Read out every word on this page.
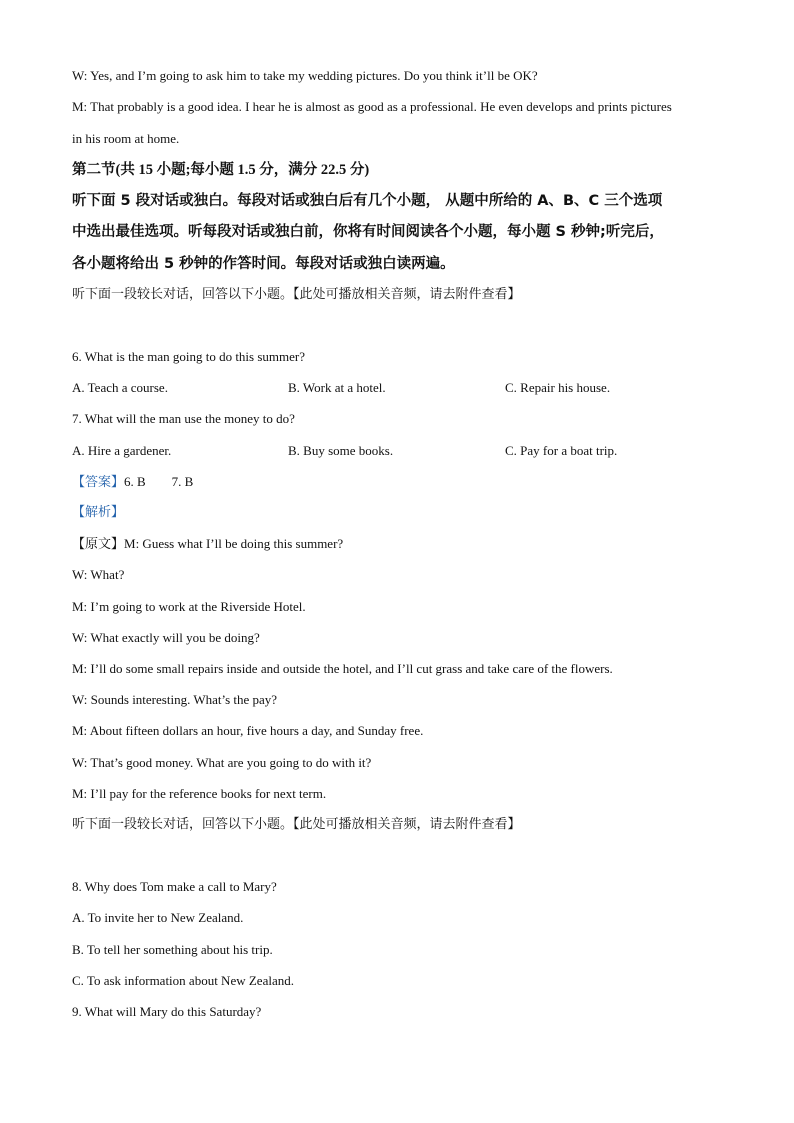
W: Yes, and I’m going to ask him to take my wedding pictures. Do you think it’ll be OK?
M: That probably is a good idea. I hear he is almost as good as a professional. He even develops and prints pictures
in his room at home.
第二节(共 15 小题;每小题 1.5 分，满分 22.5 分)
听下面 5 段对话或独白。每段对话或独白后有几个小题， 从题中所给的 A、B、C 三个选项
中选出最佳选项。听每段对话或独白前，你将有时间阅读各个小题，每小题 S 秒钟;听完后，
各小题将给出 5 秒钟的作答时间。每段对话或独白读两遍。
听下面一段较长对话，回答以下小题。【此处可播放相关音频，请去附件查看】
6. What is the man going to do this summer?
A. Teach a course.	B. Work at a hotel.	C. Repair his house.
7. What will the man use the money to do?
A. Hire a gardener.	B. Buy some books.	C. Pay for a boat trip.
【答案】6. B        7. B
【解析】
【原文】M: Guess what I’ll be doing this summer?
W: What?
M: I’m going to work at the Riverside Hotel.
W: What exactly will you be doing?
M: I’ll do some small repairs inside and outside the hotel, and I’ll cut grass and take care of the flowers.
W: Sounds interesting. What’s the pay?
M: About fifteen dollars an hour, five hours a day, and Sunday free.
W: That’s good money. What are you going to do with it?
M: I’ll pay for the reference books for next term.
听下面一段较长对话，回答以下小题。【此处可播放相关音频，请去附件查看】
8. Why does Tom make a call to Mary?
A. To invite her to New Zealand.
B. To tell her something about his trip.
C. To ask information about New Zealand.
9. What will Mary do this Saturday?
